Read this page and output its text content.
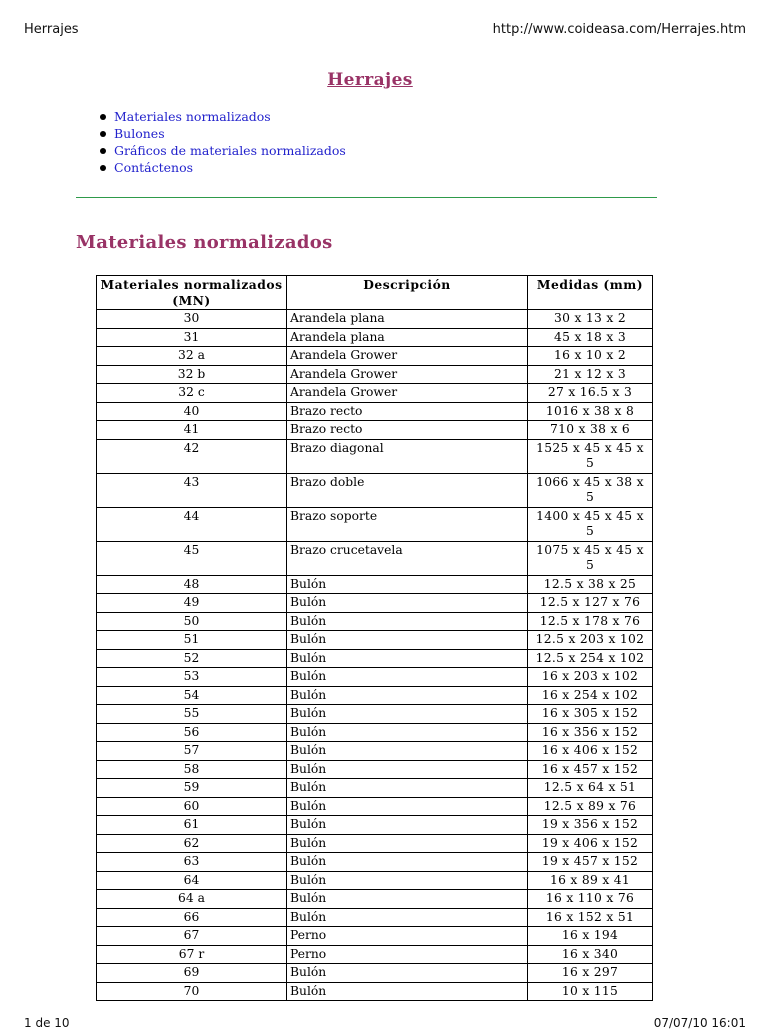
Herrajes	http://www.coideasa.com/Herrajes.htm
Herrajes
Materiales normalizados
Bulones
Gráficos de materiales normalizados
Contáctenos
Materiales normalizados
Materiales normalizados (MN)	Descripción	Medidas (mm)
30	Arandela plana	30 x 13 x 2
31	Arandela plana	45 x 18 x 3
32 a	Arandela Grower	16 x 10 x 2
32 b	Arandela Grower	21 x 12 x 3
32 c	Arandela Grower	27 x 16.5 x 3
40	Brazo recto	1016 x 38 x 8
41	Brazo recto	710 x 38 x 6
42	Brazo diagonal	1525 x 45 x 45 x 5
43	Brazo doble	1066 x 45 x 38 x 5
44	Brazo soporte	1400 x 45 x 45 x 5
45	Brazo crucetavela	1075 x 45 x 45 x 5
48	Bulón	12.5 x 38 x 25
49	Bulón	12.5 x 127 x 76
50	Bulón	12.5 x 178 x 76
51	Bulón	12.5 x 203 x 102
52	Bulón	12.5 x 254 x 102
53	Bulón	16 x 203 x 102
54	Bulón	16 x 254 x 102
55	Bulón	16 x 305 x 152
56	Bulón	16 x 356 x 152
57	Bulón	16 x 406 x 152
58	Bulón	16 x 457 x 152
59	Bulón	12.5 x 64 x 51
60	Bulón	12.5 x 89 x 76
61	Bulón	19 x 356 x 152
62	Bulón	19 x 406 x 152
63	Bulón	19 x 457 x 152
64	Bulón	16 x 89 x 41
64 a	Bulón	16 x 110 x 76
66	Bulón	16 x 152 x 51
67	Perno	16 x 194
67 r	Perno	16 x 340
69	Bulón	16 x 297
70	Bulón	10 x 115
1 de 10	07/07/10 16:01
